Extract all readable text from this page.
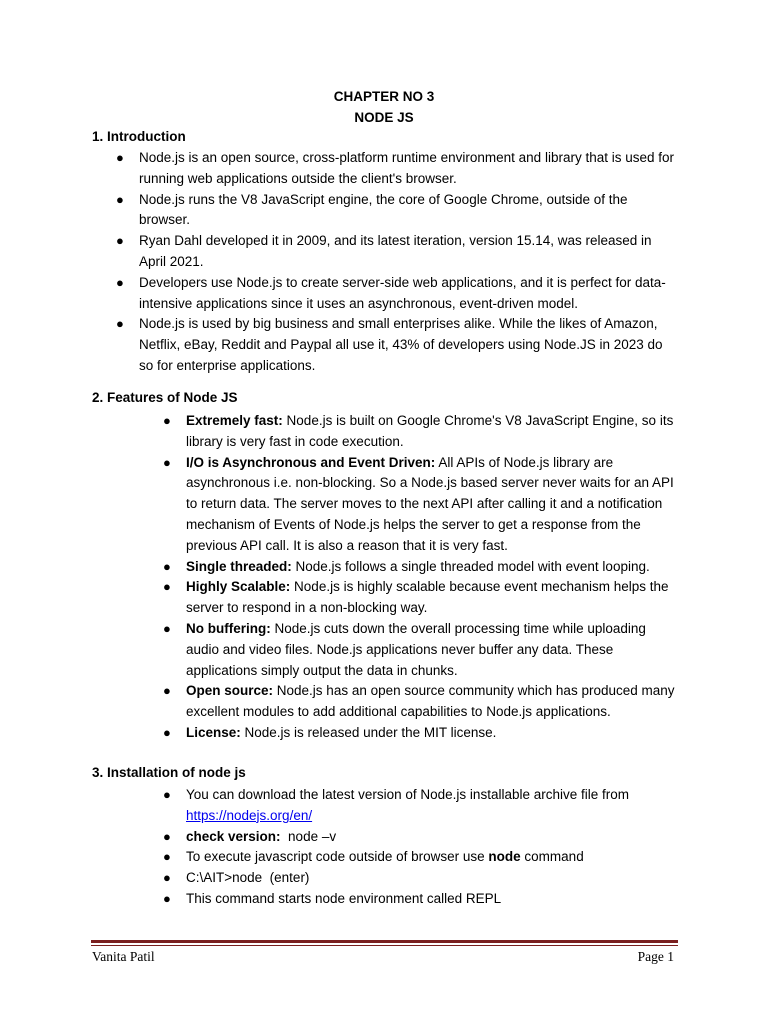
CHAPTER NO 3
NODE JS
1. Introduction
● Node.js is an open source, cross-platform runtime environment and library that is used for running web applications outside the client's browser.
● Node.js runs the V8 JavaScript engine, the core of Google Chrome, outside of the browser.
● Ryan Dahl developed it in 2009, and its latest iteration, version 15.14, was released in April 2021.
● Developers use Node.js to create server-side web applications, and it is perfect for data-intensive applications since it uses an asynchronous, event-driven model.
● Node.js is used by big business and small enterprises alike. While the likes of Amazon, Netflix, eBay, Reddit and Paypal all use it, 43% of developers using Node.JS in 2023 do so for enterprise applications.
2. Features of Node JS
● Extremely fast: Node.js is built on Google Chrome's V8 JavaScript Engine, so its library is very fast in code execution.
● I/O is Asynchronous and Event Driven: All APIs of Node.js library are asynchronous i.e. non-blocking. So a Node.js based server never waits for an API to return data. The server moves to the next API after calling it and a notification mechanism of Events of Node.js helps the server to get a response from the previous API call. It is also a reason that it is very fast.
● Single threaded: Node.js follows a single threaded model with event looping.
● Highly Scalable: Node.js is highly scalable because event mechanism helps the server to respond in a non-blocking way.
● No buffering: Node.js cuts down the overall processing time while uploading audio and video files. Node.js applications never buffer any data. These applications simply output the data in chunks.
● Open source: Node.js has an open source community which has produced many excellent modules to add additional capabilities to Node.js applications.
● License: Node.js is released under the MIT license.
3. Installation of node js
● You can download the latest version of Node.js installable archive file from
https://nodejs.org/en/
● check version:  node –v
● To execute javascript code outside of browser use node command
● C:\AIT>node  (enter)
● This command starts node environment called REPL
Vanita Patil	Page 1
